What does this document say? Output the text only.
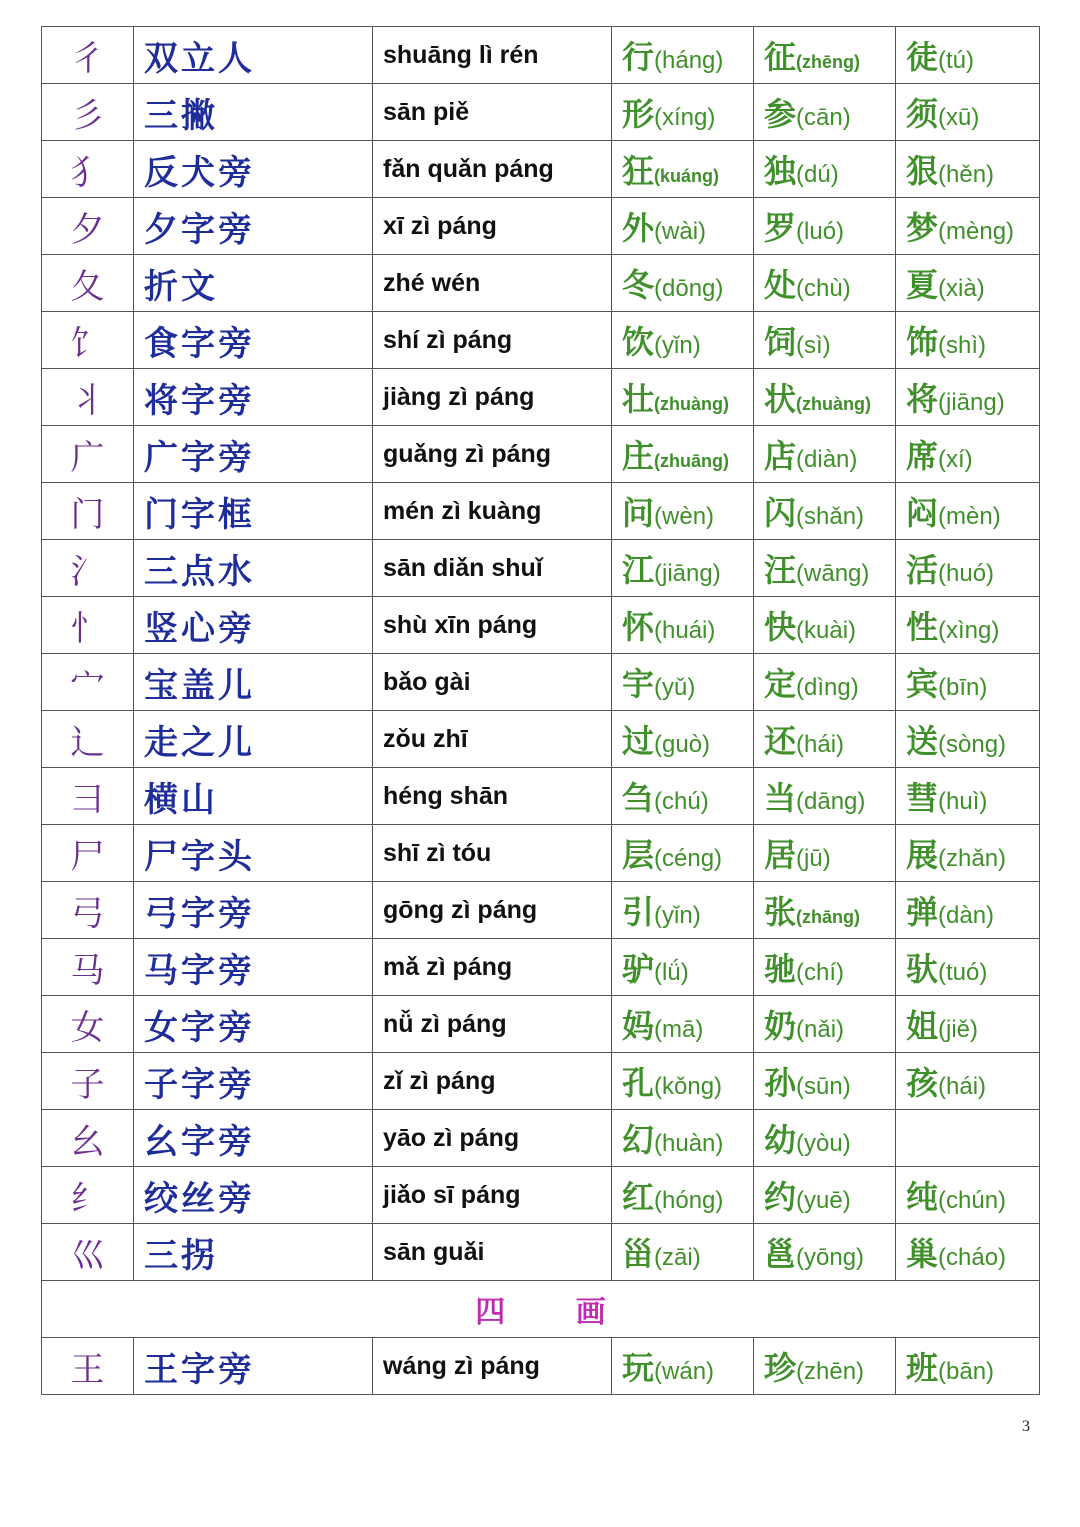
彳	双立人	shuāng lì rén	行(háng)	征(zhēng)	徒(tú)
彡	三撇	sān piě	形(xíng)	参(cān)	须(xū)
犭	反犬旁	fǎn quǎn páng	狂(kuáng)	独(dú)	狠(hěn)
夕	夕字旁	xī zì páng	外(wài)	罗(luó)	梦(mèng)
夂	折文	zhé wén	冬(dōng)	处(chù)	夏(xià)
饣	食字旁	shí zì páng	饮(yǐn)	饲(sì)	饰(shì)
丬	将字旁	jiàng zì páng	壮(zhuàng)	状(zhuàng)	将(jiāng)
广	广字旁	guǎng zì páng	庄(zhuāng)	店(diàn)	席(xí)
门	门字框	mén zì kuàng	问(wèn)	闪(shǎn)	闷(mèn)
氵	三点水	sān diǎn shuǐ	江(jiāng)	汪(wāng)	活(huó)
忄	竖心旁	shù xīn páng	怀(huái)	快(kuài)	性(xìng)
宀	宝盖儿	bǎo gài	宇(yǔ)	定(dìng)	宾(bīn)
辶	走之儿	zǒu zhī	过(guò)	还(hái)	送(sòng)
彐	横山	héng shān	刍(chú)	当(dāng)	彗(huì)
尸	尸字头	shī zì tóu	层(céng)	居(jū)	展(zhǎn)
弓	弓字旁	gōng zì páng	引(yǐn)	张(zhāng)	弹(dàn)
马	马字旁	mǎ zì páng	驴(lǘ)	驰(chí)	驮(tuó)
女	女字旁	nǚ zì páng	妈(mā)	奶(nǎi)	姐(jiě)
子	子字旁	zǐ zì páng	孔(kǒng)	孙(sūn)	孩(hái)
幺	幺字旁	yāo zì páng	幻(huàn)	幼(yòu)	
纟	绞丝旁	jiǎo sī páng	红(hóng)	约(yuē)	纯(chún)
巛	三拐	sān guǎi	甾(zāi)	邕(yōng)	巢(cháo)
四 画					
王	王字旁	wáng zì páng	玩(wán)	珍(zhēn)	班(bān)
3
